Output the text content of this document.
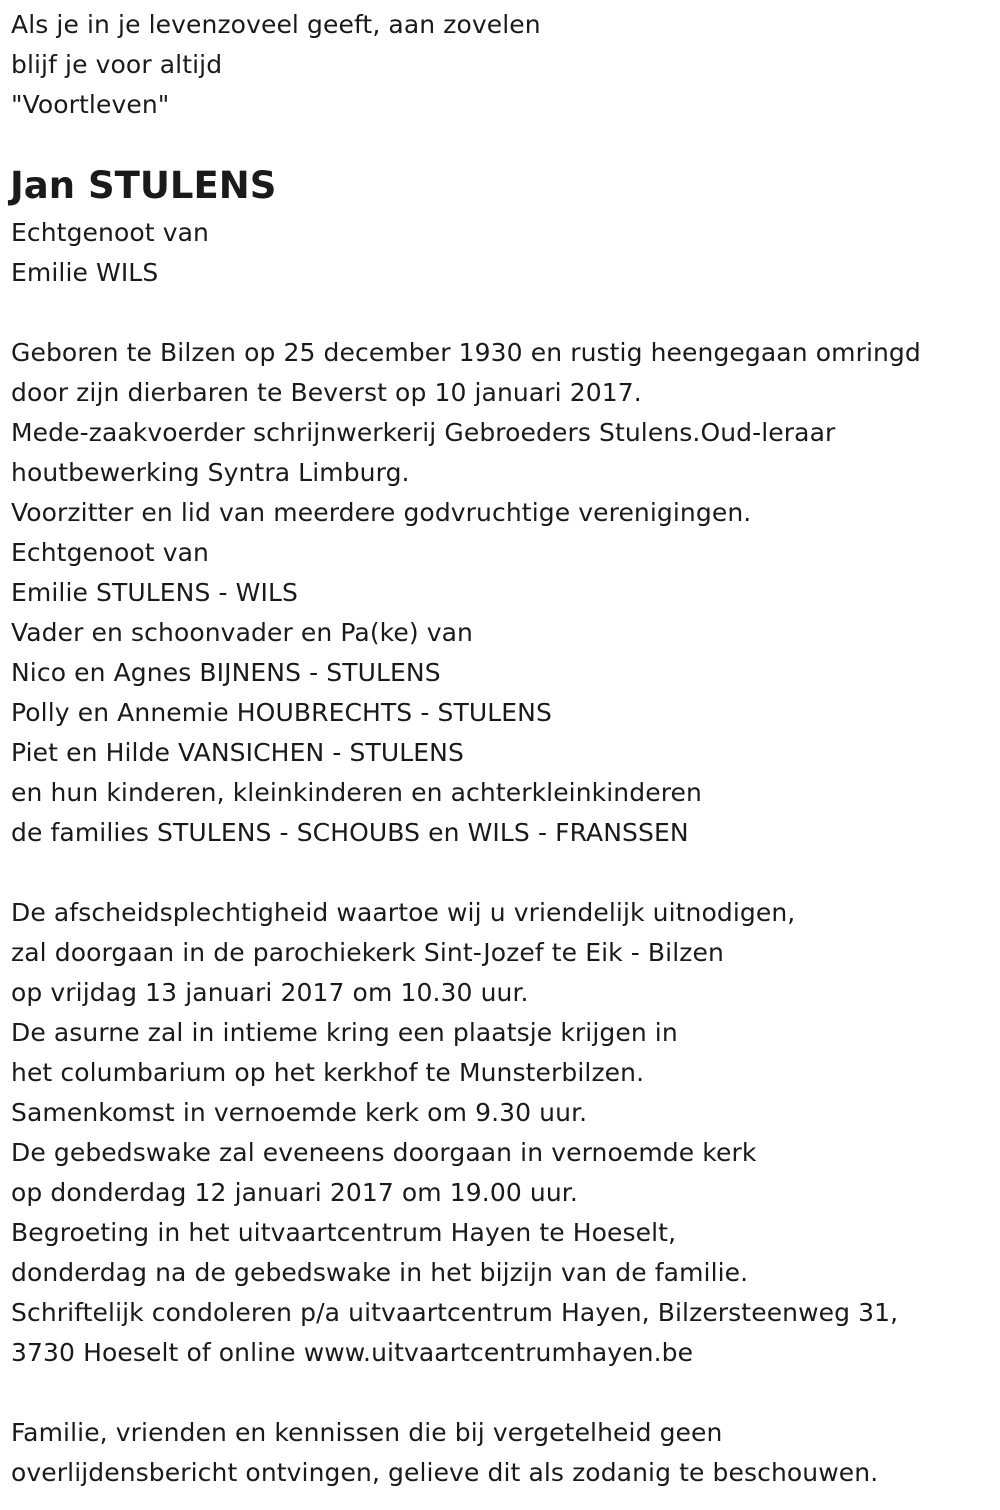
Als je in je levenzoveel geeft, aan zovelen
blijf je voor altijd
"Voortleven"
Jan STULENS
Echtgenoot van
Emilie WILS
Geboren te Bilzen op 25 december 1930 en rustig heengegaan omringd
door zijn dierbaren te Beverst op 10 januari 2017.
Mede-zaakvoerder schrijnwerkerij Gebroeders Stulens.Oud-leraar
houtbewerking Syntra Limburg.
Voorzitter en lid van meerdere godvruchtige verenigingen.
Echtgenoot van
Emilie STULENS - WILS
Vader en schoonvader en Pa(ke) van
Nico en Agnes BIJNENS - STULENS
Polly en Annemie HOUBRECHTS - STULENS
Piet en Hilde VANSICHEN - STULENS
en hun kinderen, kleinkinderen en achterkleinkinderen
de families STULENS - SCHOUBS en WILS - FRANSSEN
De afscheidsplechtigheid waartoe wij u vriendelijk uitnodigen,
zal doorgaan in de parochiekerk Sint-Jozef te Eik - Bilzen
op vrijdag 13 januari 2017 om 10.30 uur.
De asurne zal in intieme kring een plaatsje krijgen in
het columbarium op het kerkhof te Munsterbilzen.
Samenkomst in vernoemde kerk om 9.30 uur.
De gebedswake zal eveneens doorgaan in vernoemde kerk
op donderdag 12 januari 2017 om 19.00 uur.
Begroeting in het uitvaartcentrum Hayen te Hoeselt,
donderdag na de gebedswake in het bijzijn van de familie.
Schriftelijk condoleren p/a uitvaartcentrum Hayen, Bilzersteenweg 31,
3730 Hoeselt of online www.uitvaartcentrumhayen.be
Familie, vrienden en kennissen die bij vergetelheid geen
overlijdensbericht ontvingen, gelieve dit als zodanig te beschouwen.
